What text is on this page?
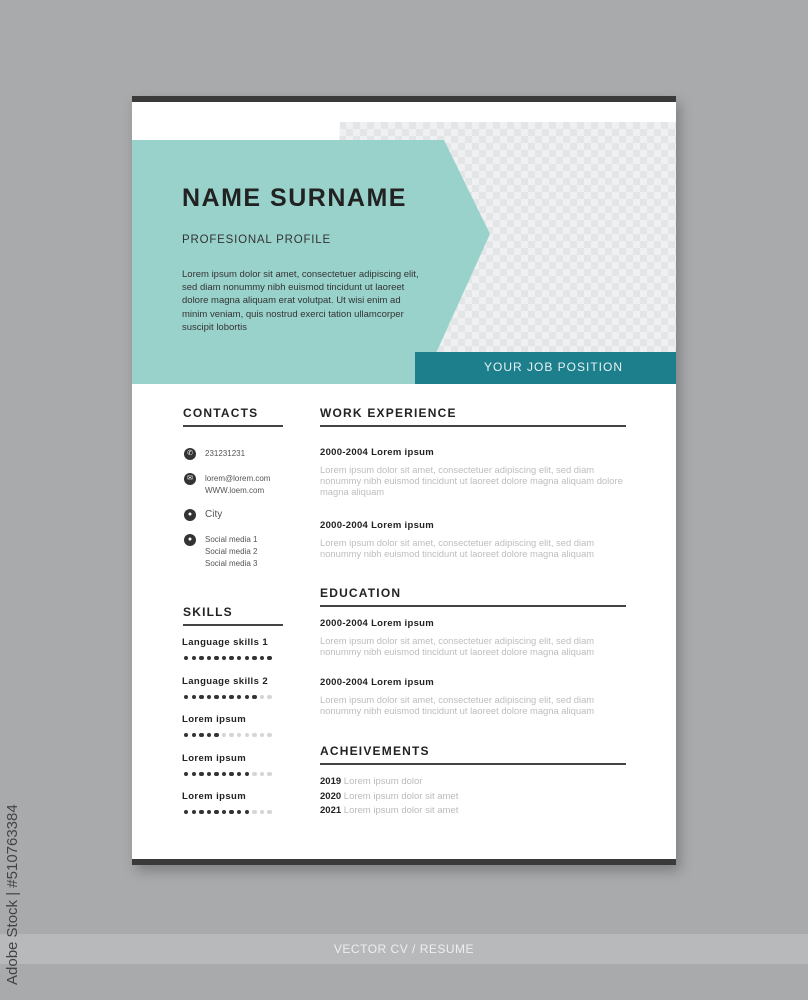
YOUR JOB POSITION
NAME SURNAME
PROFESIONAL PROFILE
Lorem ipsum dolor sit amet, consectetuer adipiscing elit, sed diam nonummy nibh euismod tincidunt ut laoreet dolore magna aliquam erat volutpat. Ut wisi enim ad minim veniam, quis nostrud exerci tation ullamcorper suscipit lobortis
CONTACTS
✆	231231231
✉	lorem@lorem.com
WWW.loem.com
●	City
●	Social media 1
Social media 2
Social media 3
SKILLS
Language skills 1
Language skills 2
Lorem ipsum
Lorem ipsum
Lorem ipsum
WORK EXPERIENCE
2000-2004 Lorem ipsum
Lorem ipsum dolor sit amet, consectetuer adipiscing elit, sed diam nonummy nibh euismod tincidunt ut laoreet dolore magna aliquam dolore magna aliquam
2000-2004 Lorem ipsum
Lorem ipsum dolor sit amet, consectetuer adipiscing elit, sed diam nonummy nibh euismod tincidunt ut laoreet dolore magna aliquam
EDUCATION
2000-2004 Lorem ipsum
Lorem ipsum dolor sit amet, consectetuer adipiscing elit, sed diam nonummy nibh euismod tincidunt ut laoreet dolore magna aliquam
2000-2004 Lorem ipsum
Lorem ipsum dolor sit amet, consectetuer adipiscing elit, sed diam nonummy nibh euismod tincidunt ut laoreet dolore magna aliquam
ACHEIVEMENTS
2019 Lorem ipsum dolor
2020 Lorem ipsum dolor sit amet
2021 Lorem ipsum dolor sit amet
VECTOR CV / RESUME
Adobe Stock | #510763384
